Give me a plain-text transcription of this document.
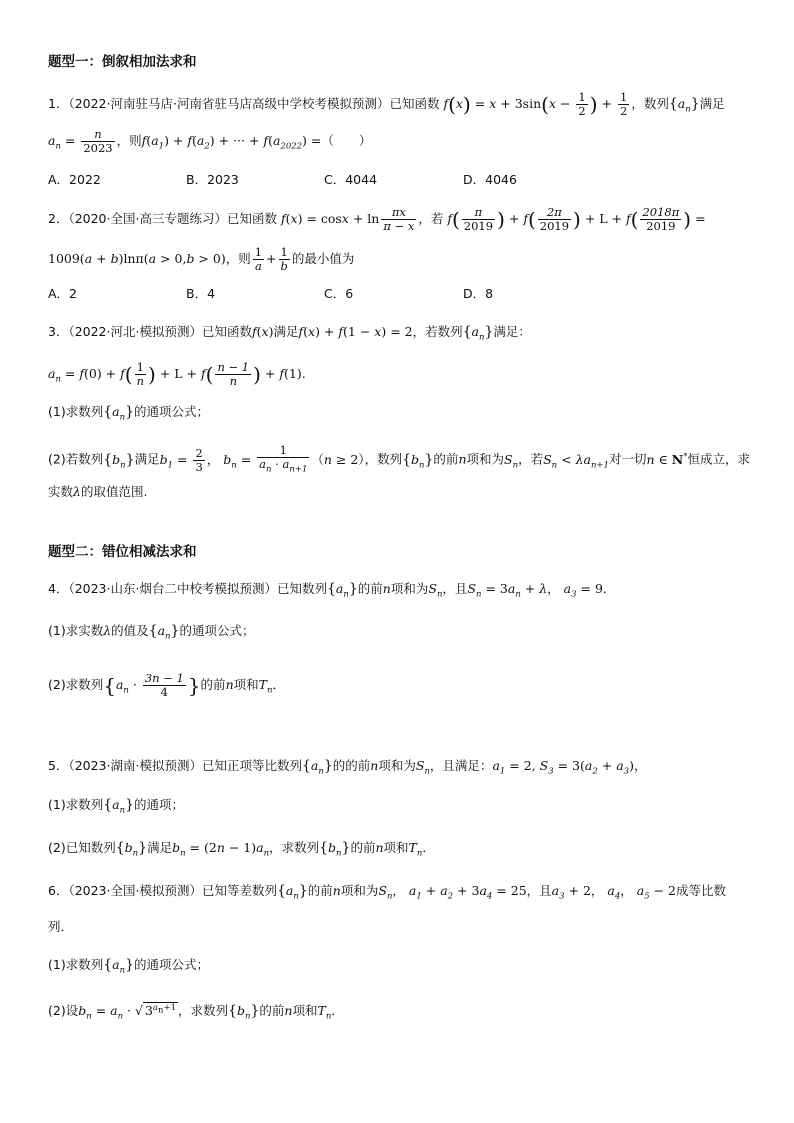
题型一：倒叙相加法求和
1．（2022·河南驻马店·河南省驻马店高级中学校考模拟预测）已知函数 $f(x) = x + 3\sin(x - \frac{1}{2}$ ) + $\frac{1}{2}$ ，数列$\{a_n\}$满足
$a_n = \frac{n}{2023}$ ，则$f(a_1) + f(a_2)$ + ··· + $f(a_{2022})$ =（　　）
A．2022	B．2023	C．4044	D．4046
2．（2020·全国·高三专题练习）已知函数 $f(x) = \cos x + \ln \frac{\pi x}{\pi - x}$ ，若 $f( \frac{\pi}{2019}$ ) + $f( \frac{2\pi}{2019}$ ) + $L + f( \frac{2018\pi}{2019}$ ) =
1009(a + b)lnπ(a > 0,b > 0)，则 $\frac{1}{a} + \frac{1}{b}$ 的最小值为
A．2	B．4	C．6	D．8
3．（2022·河北·模拟预测）已知函数f(x)满足f(x) + f(1 − x) = 2，若数列$\{a_n\}$满足：
$a_n = f(0) + f( \frac{1}{n}$ ) + $L + f( \frac{n - 1}{n}$ ) + f(1).
(1)求数列$\{a_n\}$的通项公式；
(2)若数列$\{b_n\}$满足$b_1 = \frac{2}{3}$ ， $b_n = \frac{1}{a_n \cdot a_{n+1}} (n \ge 2)$，数列$\{b_n\}$的前n项和为$S_n$，若$S_n < \lambda a_{n+1}$对一切n ∈ N*恒成立，求
实数λ的取值范围.
题型二：错位相减法求和
4．（2023·山东·烟台二中校考模拟预测）已知数列$\{a_n\}$的前n项和为$S_n$，且$S_n = 3a_n + \lambda$， $a_3 = 9$．
(1)求实数λ的值及$\{a_n\}$的通项公式；
(2)求数列{$a_n \cdot \frac{3n - 1}{4}$ }的前n项和$T_n$．
5．（2023·湖南·模拟预测）已知正项等比数列$\{a_n\}$的的前n项和为$S_n$，且满足：$a_1 = 2$, $S_3 = 3(a_2 + a_3)$，
(1)求数列$\{a_n\}$的通项；
(2)已知数列$\{b_n\}$满足$b_n = (2n - 1)a_n$，求数列$\{b_n\}$的前n项和$T_n$．
6．（2023·全国·模拟预测）已知等差数列$\{a_n\}$的前n项和为$S_n$， $a_1 + a_2 + 3a_4 = 25$，且$a_3 + 2$， $a_4$， $a_5 - 2$成等比数
列．
(1)求数列$\{a_n\}$的通项公式；
(2)设$b_n = a_n$ · √ $3^{a_n+1}$ ，求数列$\{b_n\}$的前n项和$T_n$．
